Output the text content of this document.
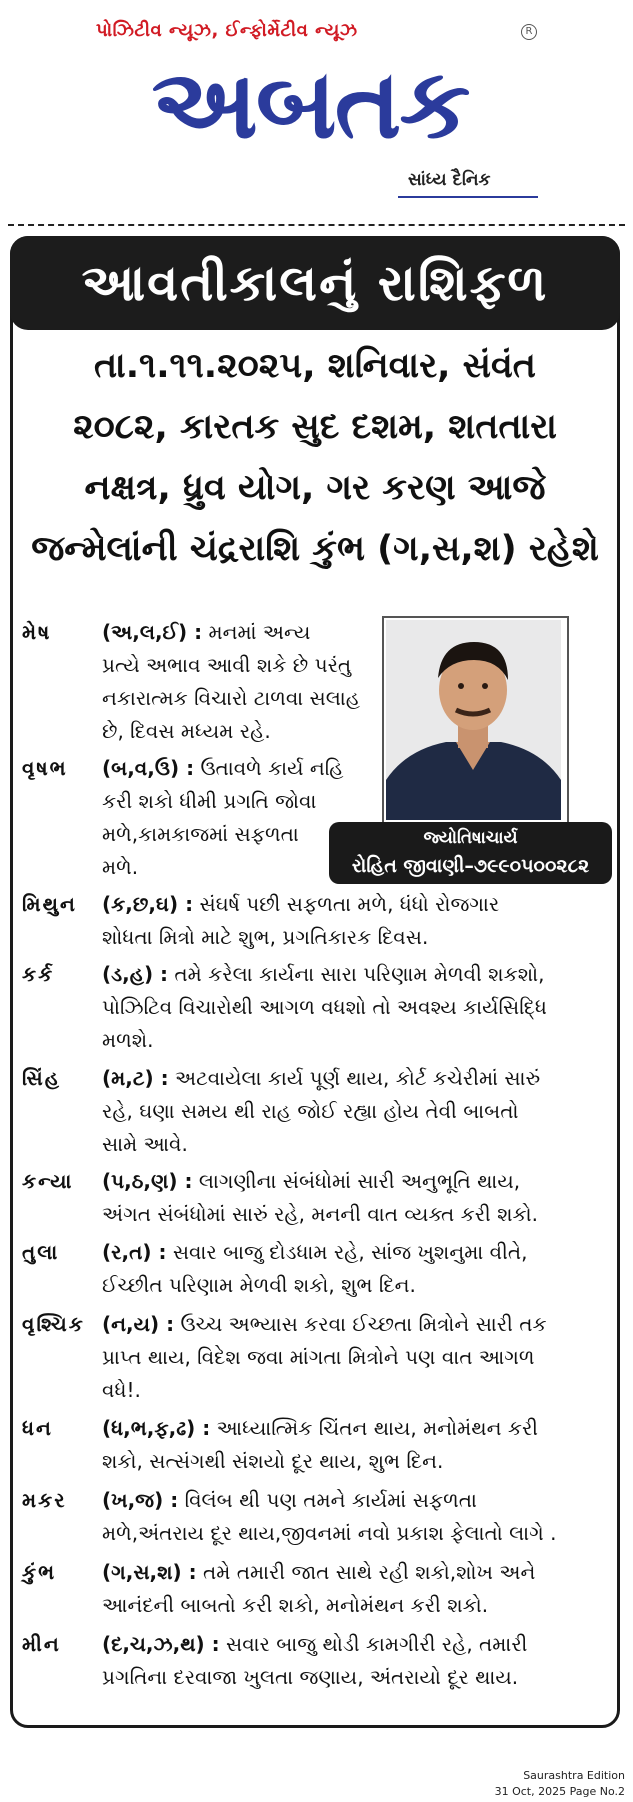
પોઝિટીવ ન્યૂઝ, ઈન્ફોર્મેટીવ ન્યૂઝ	R
અબતક
સાંધ્ય દૈનિક
આવતીકાલનું રાશિફળ
તા.૧.૧૧.૨૦૨૫, શનિવાર, સંવંત
૨૦૮૨, કારતક સુદ દશમ, શતતારા
નક્ષત્ર, ધ્રુવ યોગ, ગર કરણ આજે
જન્મેલાંની ચંદ્રરાશિ કુંભ (ગ,સ,શ) રહેશે
જ્યોતિષાચાર્ય
રોહિત જીવાણી–૭૯૯૦૫૦૦૨૮૨
મેષ	(અ,લ,ઈ) : મનમાં અન્ય
પ્રત્યે અભાવ આવી શકે છે પરંતુ
નકારાત્મક વિચારો ટાળવા સલાહ
છે, દિવસ મધ્યમ રહે.
વૃષભ (બ,વ,ઉ) : ઉતાવળે કાર્ય નહિ
કરી શકો ધીમી પ્રગતિ જોવા
મળે,કામકાજમાં સફળતા
મળે.
મિથુન (ક,છ,ઘ) : સંઘર્ષ પછી સફળતા મળે, ધંધો રોજગાર
શોધતા મિત્રો માટે શુભ, પ્રગતિકારક દિવસ.
કર્ક (ડ,હ) : તમે કરેલા કાર્યના સારા પરિણામ મેળવી શકશો,
પોઝિટિવ વિચારોથી આગળ વધશો તો અવશ્ય કાર્યસિદ્ધિ
મળશે.
સિંહ (મ,ટ) : અટવાયેલા કાર્ય પૂર્ણ થાય, કોર્ટ કચેરીમાં સારું
રહે, ઘણા સમય થી રાહ જોઈ રહ્યા હોય તેવી બાબતો
સામે આવે.
કન્યા (પ,ઠ,ણ) : લાગણીના સંબંધોમાં સારી અનુભૂતિ થાય,
અંગત સંબંધોમાં સારું રહે, મનની વાત વ્યક્ત કરી શકો.
તુલા (ર,ત) : સવાર બાજુ દોડધામ રહે, સાંજ ખુશનુમા વીતે,
ઈચ્છીત પરિણામ મેળવી શકો, શુભ દિન.
વૃશ્ચિક (ન,ય) : ઉચ્ચ અભ્યાસ કરવા ઈચ્છતા મિત્રોને સારી તક
પ્રાપ્ત થાય, વિદેશ જવા માંગતા મિત્રોને પણ વાત આગળ
વધે!.
ધન (ધ,ભ,ફ,ઢ) : આધ્યાત્મિક ચિંતન થાય, મનોમંથન કરી
શકો, સત્સંગથી સંશયો દૂર થાય, શુભ દિન.
મકર (ખ,જ) : વિલંબ થી પણ તમને કાર્યમાં સફળતા
મળે,અંતરાય દૂર થાય,જીવનમાં નવો પ્રકાશ ફેલાતો લાગે .
કુંભ (ગ,સ,શ) : તમે તમારી જાત સાથે રહી શકો,શોખ અને
આનંદની બાબતો કરી શકો, મનોમંથન કરી શકો.
મીન (દ,ચ,ઝ,થ) : સવાર બાજુ થોડી કામગીરી રહે, તમારી
પ્રગતિના દરવાજા ખુલતા જણાય, અંતરાયો દૂર થાય.
Saurashtra Edition
31 Oct, 2025 Page No.2
